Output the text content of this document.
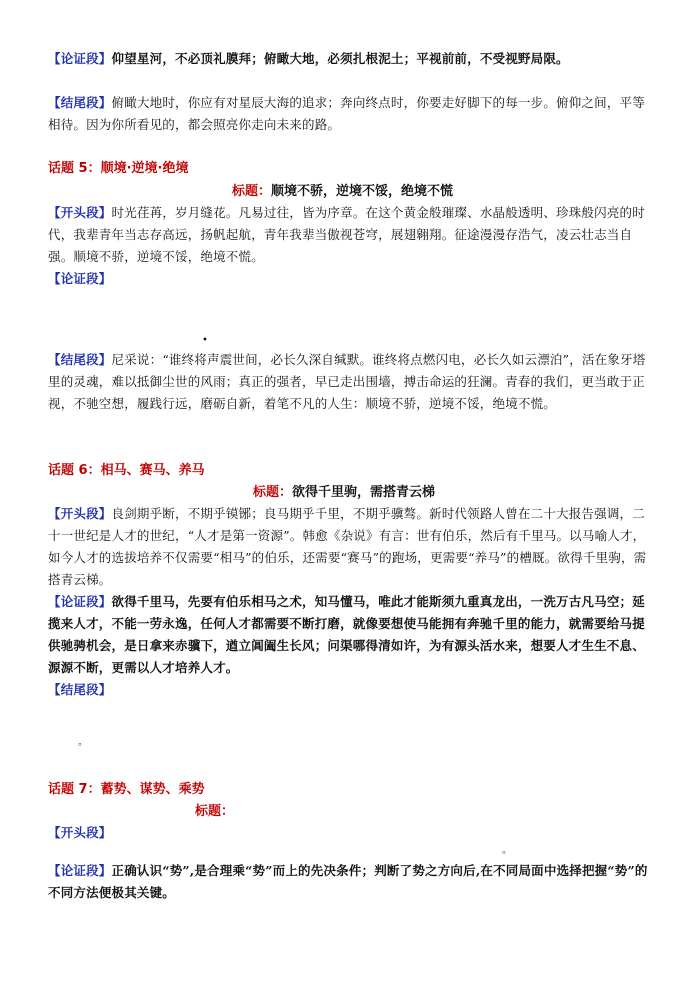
【论证段】仰望星河，不必顶礼膜拜；俯瞰大地，必须扎根泥土；平视前前，不受视野局限。
【结尾段】俯瞰大地时，你应有对星辰大海的追求；奔向终点时，你要走好脚下的每一步。俯仰之间，平等相待。因为你所看见的，都会照亮你走向未来的路。
话题 5：顺境·逆境·绝境
标题：顺境不骄，逆境不馁，绝境不慌
【开头段】时光荏苒，岁月缝花。凡易过往，皆为序章。在这个黄金般璀璨、水晶般透明、珍珠般闪亮的时代，我辈青年当志存高远，扬帆起航，青年我辈当傲视苍穹，展翅翱翔。征途漫漫存浩气，凌云壮志当自强。顺境不骄，逆境不馁，绝境不慌。
【论证段】
•
【结尾段】尼采说：“谁终将声震世间，必长久深自缄默。谁终将点燃闪电，必长久如云漂泊”，活在象牙塔里的灵魂，难以抵御尘世的风雨；真正的强者，早已走出围墙，搏击命运的狂澜。青春的我们，更当敢于正视，不驰空想，履践行远，磨砺自新，着笔不凡的人生：顺境不骄，逆境不馁，绝境不慌。
话题 6：相马、赛马、养马
标题：欲得千里驹，需搭青云梯
【开头段】良剑期乎断，不期乎镆铘；良马期乎千里，不期乎骥骜。新时代领路人曾在二十大报告强调，二十一世纪是人才的世纪，“人才是第一资源”。韩愈《杂说》有言：世有伯乐，然后有千里马。以马喻人才，如今人才的选拔培养不仅需要“相马”的伯乐，还需要“赛马”的跑场，更需要“养马”的槽厩。欲得千里驹，需搭青云梯。
【论证段】欲得千里马，先要有伯乐相马之术，知马懂马，唯此才能斯须九重真龙出，一洗万古凡马空；延揽来人才，不能一劳永逸，任何人才都需要不断打磨，就像要想使马能拥有奔驰千里的能力，就需要给马提供驰骋机会，是日拿来赤骥下，遒立阊阖生长风；问渠哪得清如许，为有源头活水来，想要人才生生不息、源源不断，更需以人才培养人才。
【结尾段】
。
话题 7：蓄势、谋势、乘势
标题：
【开头段】
。
【论证段】正确认识“势”,是合理乘“势”而上的先决条件；判断了势之方向后,在不同局面中选择把握“势”的不同方法便极其关键。
